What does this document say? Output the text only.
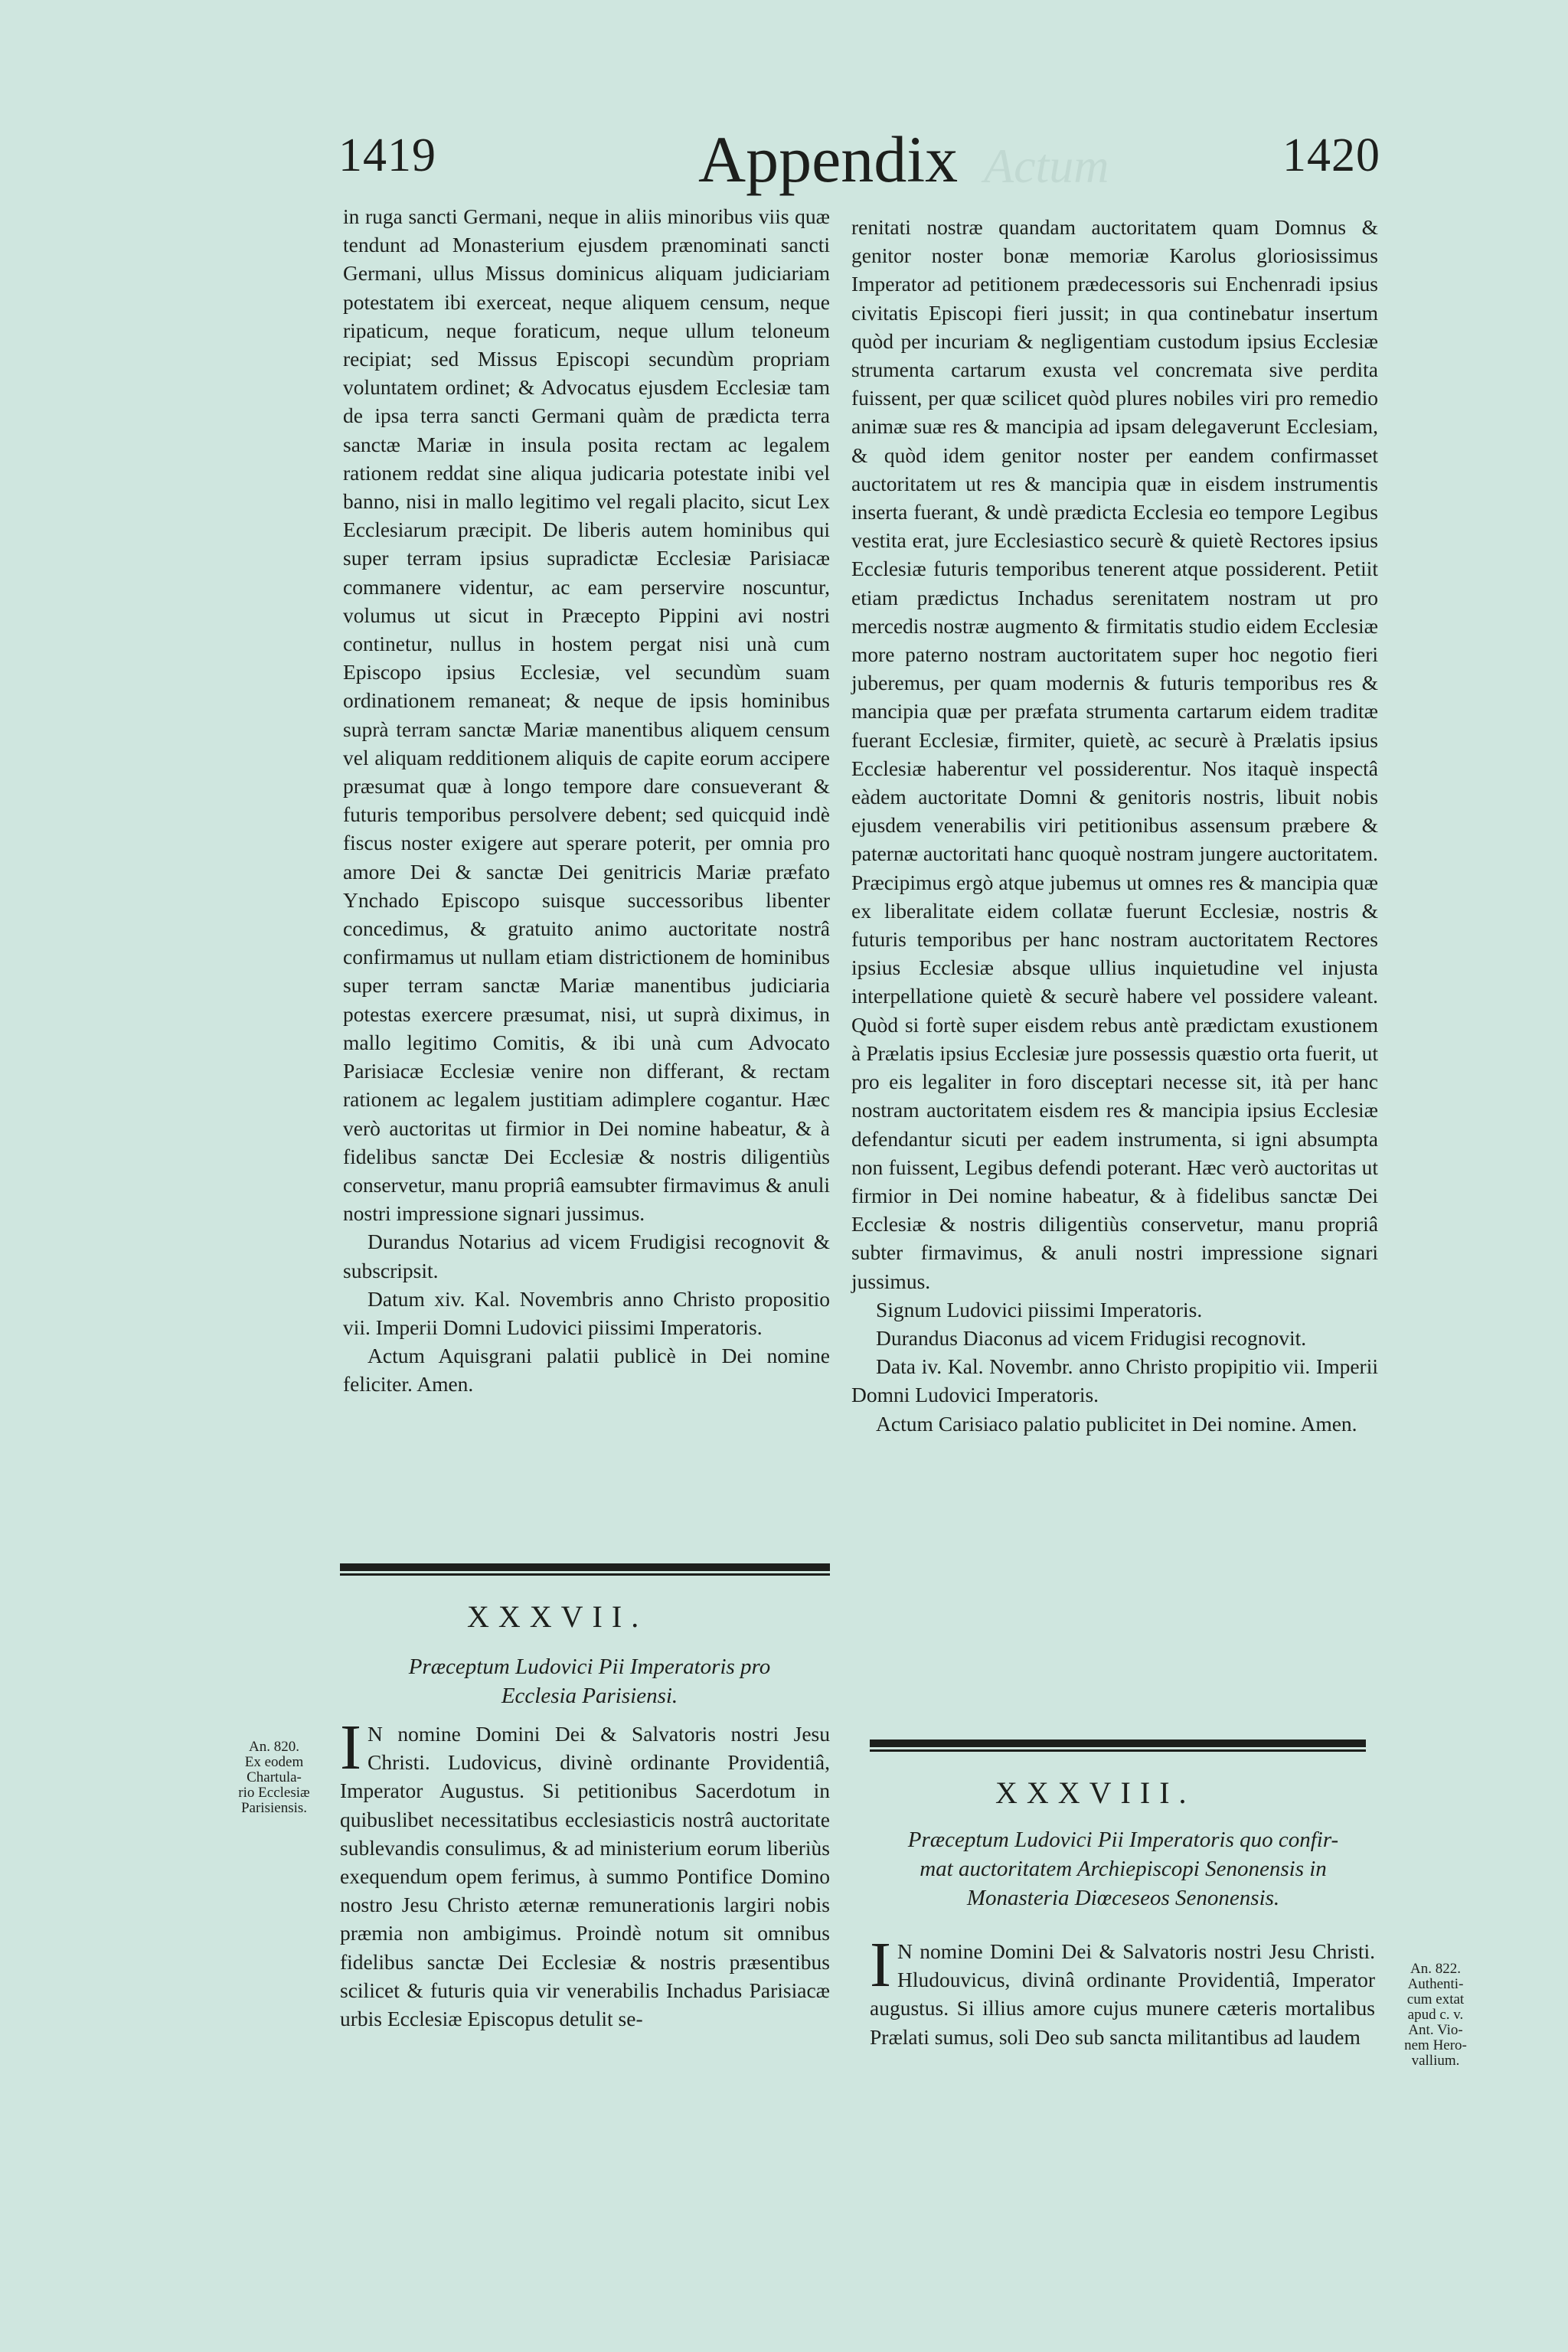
Actum
1419	Appendix	1420

in ruga sancti Germani, neque in aliis minoribus viis quæ tendunt ad Monasterium ejusdem prænominati sancti Germani, ullus Missus dominicus aliquam judiciariam potestatem ibi exerceat, neque aliquem censum, neque ripaticum, neque foraticum, neque ullum teloneum recipiat; sed Missus Episcopi secundùm propriam voluntatem ordinet; & Advocatus ejusdem Ecclesiæ tam de ipsa terra sancti Germani quàm de prædicta terra sanctæ Mariæ in insula posita rectam ac legalem rationem reddat sine aliqua judicaria potestate inibi vel banno, nisi in mallo legitimo vel regali placito, sicut Lex Ecclesiarum præcipit. De liberis autem hominibus qui super terram ipsius supradictæ Ecclesiæ Parisiacæ commanere videntur, ac eam perservire noscuntur, volumus ut sicut in Præcepto Pippini avi nostri continetur, nullus in hostem pergat nisi unà cum Episcopo ipsius Ecclesiæ, vel secundùm suam ordinationem remaneat; & neque de ipsis hominibus suprà terram sanctæ Mariæ manentibus aliquem censum vel aliquam redditionem aliquis de capite eorum accipere præsumat quæ à longo tempore dare consueverant & futuris temporibus persolvere debent; sed quicquid indè fiscus noster exigere aut sperare poterit, per omnia pro amore Dei & sanctæ Dei genitricis Mariæ præfato Ynchado Episcopo suisque successoribus libenter concedimus, & gratuito animo auctoritate nostrâ confirmamus ut nullam etiam districtionem de hominibus super terram sanctæ Mariæ manentibus judiciaria potestas exercere præsumat, nisi, ut suprà diximus, in mallo legitimo Comitis, & ibi unà cum Advocato Parisiacæ Ecclesiæ venire non differant, & rectam rationem ac legalem justitiam adimplere cogantur. Hæc verò auctoritas ut firmior in Dei nomine habeatur, & à fidelibus sanctæ Dei Ecclesiæ & nostris diligentiùs conservetur, manu propriâ eamsubter firmavimus & anuli nostri impressione signari jussimus.

Durandus Notarius ad vicem Frudigisi recognovit & subscripsit.

Datum xiv. Kal. Novembris anno Christo propositio vii. Imperii Domni Ludovici piissimi Imperatoris.

Actum Aquisgrani palatii publicè in Dei nomine feliciter. Amen.

XXXVII.
Præceptum Ludovici Pii Imperatoris pro
Ecclesia Parisiensi.
An. 820.
Ex eodem
Chartula-
rio Ecclesiæ
Parisiensis.

I N nomine Domini Dei & Salvatoris nostri Jesu Christi. Ludovicus, divinè ordinante Providentiâ, Imperator Augustus. Si petitionibus Sacerdotum in quibuslibet necessitatibus ecclesiasticis nostrâ auctoritate sublevandis consulimus, & ad ministerium eorum liberiùs exequendum opem ferimus, à summo Pontifice Domino nostro Jesu Christo æternæ remunerationis largiri nobis præmia non ambigimus. Proindè notum sit omnibus fidelibus sanctæ Dei Ecclesiæ & nostris præsentibus scilicet & futuris quia vir venerabilis Inchadus Parisiacæ urbis Ecclesiæ Episcopus detulit se-

renitati nostræ quandam auctoritatem quam Domnus & genitor noster bonæ memoriæ Karolus gloriosissimus Imperator ad petitionem prædecessoris sui Enchenradi ipsius civitatis Episcopi fieri jussit; in qua continebatur insertum quòd per incuriam & negligentiam custodum ipsius Ecclesiæ strumenta cartarum exusta vel concremata sive perdita fuissent, per quæ scilicet quòd plures nobiles viri pro remedio animæ suæ res & mancipia ad ipsam delegaverunt Ecclesiam, & quòd idem genitor noster per eandem confirmasset auctoritatem ut res & mancipia quæ in eisdem instrumentis inserta fuerant, & undè prædicta Ecclesia eo tempore Legibus vestita erat, jure Ecclesiastico securè & quietè Rectores ipsius Ecclesiæ futuris temporibus tenerent atque possiderent. Petiit etiam prædictus Inchadus serenitatem nostram ut pro mercedis nostræ augmento & firmitatis studio eidem Ecclesiæ more paterno nostram auctoritatem super hoc negotio fieri juberemus, per quam modernis & futuris temporibus res & mancipia quæ per præfata strumenta cartarum eidem traditæ fuerant Ecclesiæ, firmiter, quietè, ac securè à Prælatis ipsius Ecclesiæ haberentur vel possiderentur. Nos itaquè inspectâ eàdem auctoritate Domni & genitoris nostris, libuit nobis ejusdem venerabilis viri petitionibus assensum præbere & paternæ auctoritati hanc quoquè nostram jungere auctoritatem. Præcipimus ergò atque jubemus ut omnes res & mancipia quæ ex liberalitate eidem collatæ fuerunt Ecclesiæ, nostris & futuris temporibus per hanc nostram auctoritatem Rectores ipsius Ecclesiæ absque ullius inquietudine vel injusta interpellatione quietè & securè habere vel possidere valeant. Quòd si fortè super eisdem rebus antè prædictam exustionem à Prælatis ipsius Ecclesiæ jure possessis quæstio orta fuerit, ut pro eis legaliter in foro disceptari necesse sit, ità per hanc nostram auctoritatem eisdem res & mancipia ipsius Ecclesiæ defendantur sicuti per eadem instrumenta, si igni absumpta non fuissent, Legibus defendi poterant. Hæc verò auctoritas ut firmior in Dei nomine habeatur, & à fidelibus sanctæ Dei Ecclesiæ & nostris diligentiùs conservetur, manu propriâ subter firmavimus, & anuli nostri impressione signari jussimus.

Signum Ludovici piissimi Imperatoris.

Durandus Diaconus ad vicem Fridugisi recognovit.

Data iv. Kal. Novembr. anno Christo propipitio vii. Imperii Domni Ludovici Imperatoris.

Actum Carisiaco palatio publicitet in Dei nomine. Amen.

XXXVIII.
Præceptum Ludovici Pii Imperatoris quo confir-
mat auctoritatem Archiepiscopi Senonensis in
Monasteria Diœceseos Senonensis.

I N nomine Domini Dei & Salvatoris nostri Jesu Christi. Hludouvicus, divinâ ordinante Providentiâ, Imperator augustus. Si illius amore cujus munere cæteris mortalibus Prælati sumus, soli Deo sub sancta militantibus ad laudem

An. 822.
Authenti-
cum extat
apud c. v.
Ant. Vio-
nem Hero-
vallium.
